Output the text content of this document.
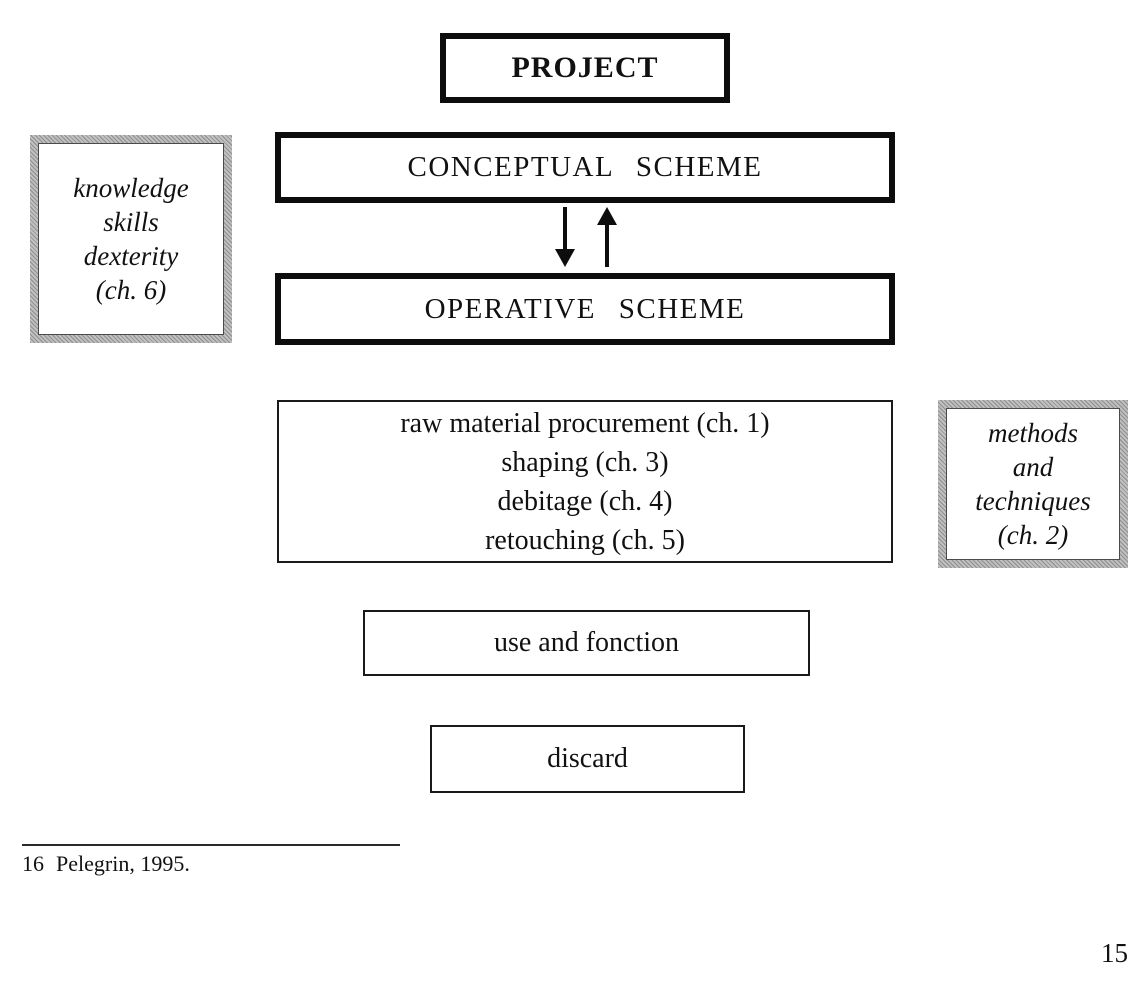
PROJECT
CONCEPTUAL SCHEME
OPERATIVE SCHEME
knowledge
skills
dexterity
(ch. 6)
raw material procurement (ch. 1)
shaping (ch. 3)
debitage (ch. 4)
retouching (ch. 5)
methods
and
techniques
(ch. 2)
use and fonction
discard
16 Pelegrin, 1995.
15
